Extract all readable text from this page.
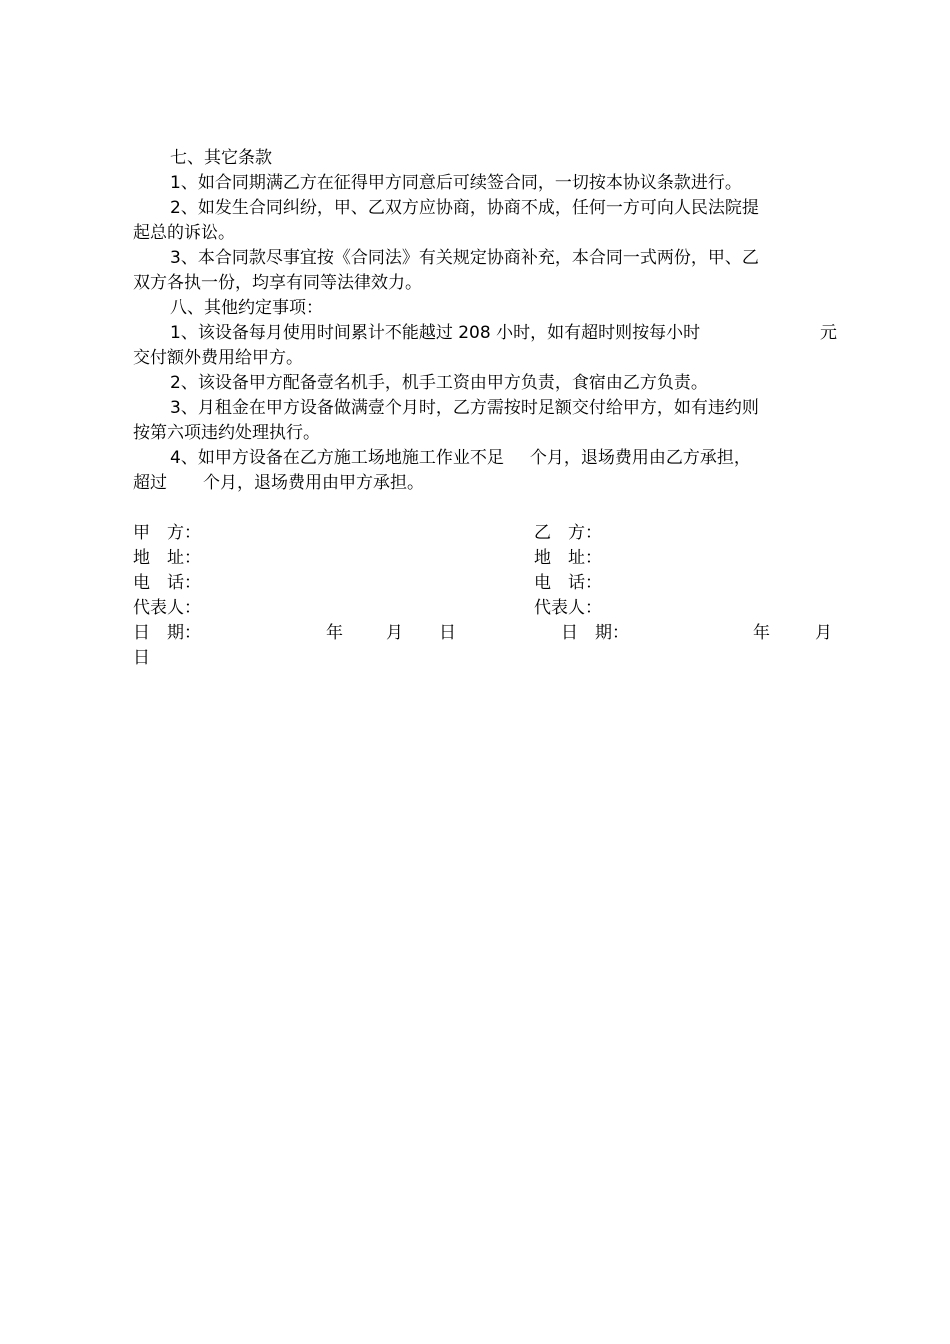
七、其它条款
1、如合同期满乙方在征得甲方同意后可续签合同，一切按本协议条款进行。
2、如发生合同纠纷，甲、乙双方应协商，协商不成，任何一方可向人民法院提
起总的诉讼。
3、本合同款尽事宜按《合同法》有关规定协商补充，本合同一式两份，甲、乙
双方各执一份，均享有同等法律效力。
八、其他约定事项：
1、该设备每月使用时间累计不能越过 208 小时，如有超时则按每小时	元
交付额外费用给甲方。
2、该设备甲方配备壹名机手，机手工资由甲方负责，食宿由乙方负责。
3、月租金在甲方设备做满壹个月时，乙方需按时足额交付给甲方，如有违约则
按第六项违约处理执行。
4、如甲方设备在乙方施工场地施工作业不足 个月，退场费用由乙方承担，
超过 个月，退场费用由甲方承担。
甲　方：	乙　方：
地　址：	地　址：
电　话：	电　话：
代表人：	代表人：
日　期：	年	月 日	日　期：	年	月
日
